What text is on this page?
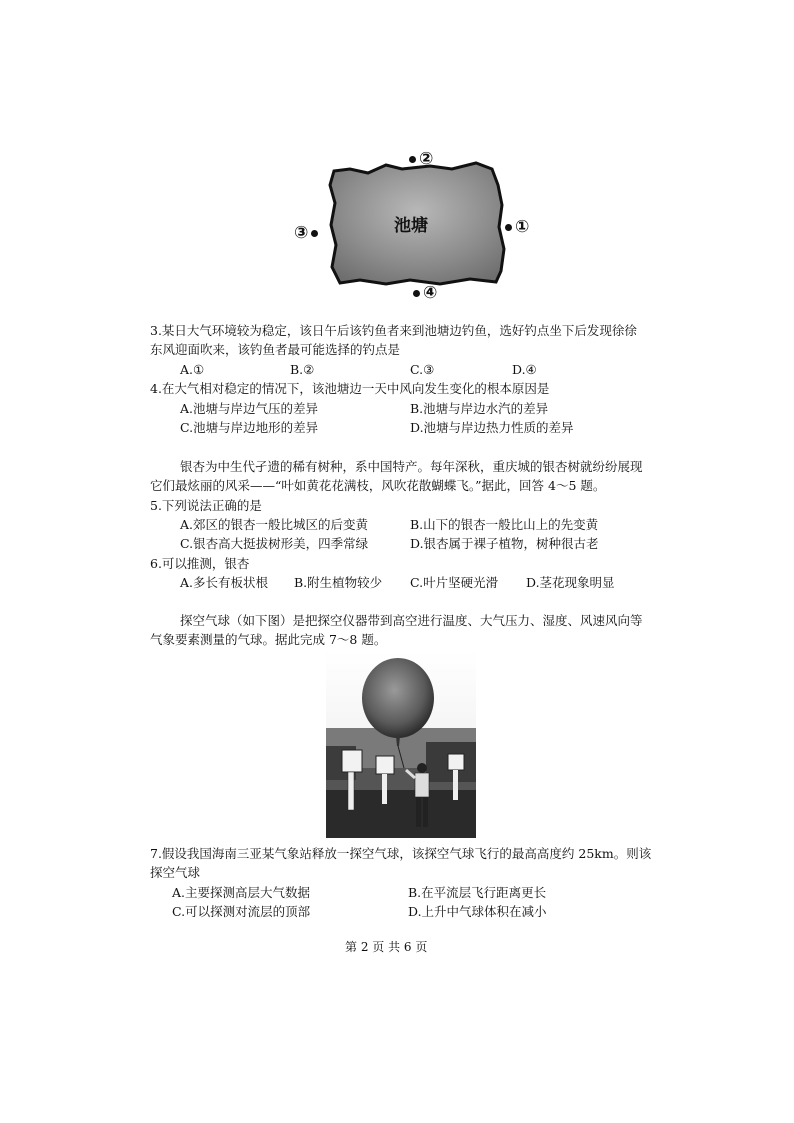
池塘
②
③	①
④
3.某日大气环境较为稳定，该日午后该钓鱼者来到池塘边钓鱼，选好钓点坐下后发现徐徐
东风迎面吹来，该钓鱼者最可能选择的钓点是
A.①	B.②	C.③	D.④
4.在大气相对稳定的情况下，该池塘边一天中风向发生变化的根本原因是
A.池塘与岸边气压的差异	B.池塘与岸边水汽的差异
C.池塘与岸边地形的差异	D.池塘与岸边热力性质的差异
银杏为中生代孑遗的稀有树种，系中国特产。每年深秋，重庆城的银杏树就纷纷展现
它们最炫丽的风采——“叶如黄花花满枝，风吹花散蝴蝶飞。”据此，回答 4～5 题。
5.下列说法正确的是
A.郊区的银杏一般比城区的后变黄	B.山下的银杏一般比山上的先变黄
C.银杏高大挺拔树形美，四季常绿	D.银杏属于裸子植物，树种很古老
6.可以推测，银杏
A.多长有板状根 B.附生植物较少 C.叶片坚硬光滑 D.茎花现象明显
探空气球（如下图）是把探空仪器带到高空进行温度、大气压力、湿度、风速风向等
气象要素测量的气球。据此完成 7～8 题。
7.假设我国海南三亚某气象站释放一探空气球，该探空气球飞行的最高高度约 25km。则该
探空气球
A.主要探测高层大气数据	B.在平流层飞行距离更长
C.可以探测对流层的顶部	D.上升中气球体积在减小
第 2 页 共 6 页
